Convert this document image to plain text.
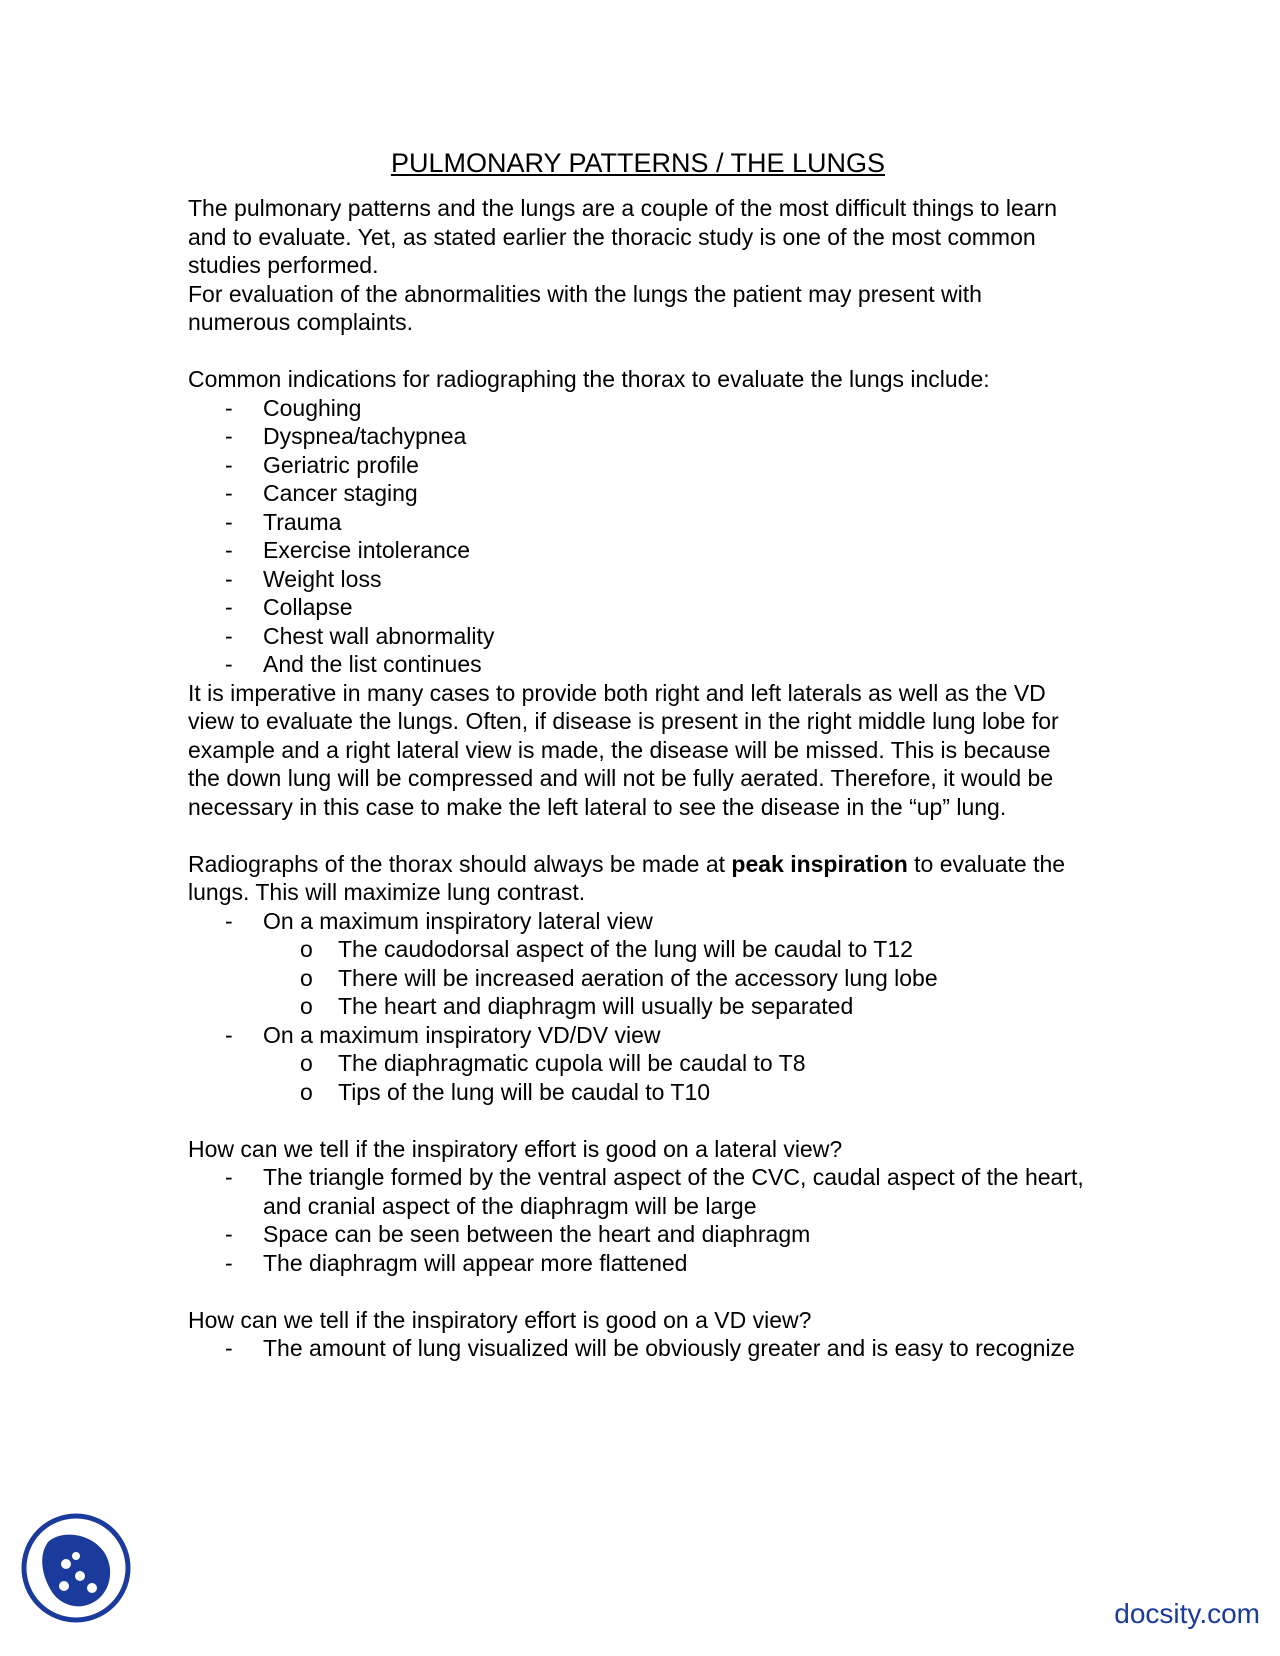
PULMONARY PATTERNS / THE LUNGS

The pulmonary patterns and the lungs are a couple of the most difficult things to learn and to evaluate. Yet, as stated earlier the thoracic study is one of the most common studies performed.

For evaluation of the abnormalities with the lungs the patient may present with numerous complaints.

Common indications for radiographing the thorax to evaluate the lungs include:

- Coughing
- Dyspnea/tachypnea
- Geriatric profile
- Cancer staging
- Trauma
- Exercise intolerance
- Weight loss
- Collapse
- Chest wall abnormality
- And the list continues

It is imperative in many cases to provide both right and left laterals as well as the VD view to evaluate the lungs. Often, if disease is present in the right middle lung lobe for example and a right lateral view is made, the disease will be missed. This is because the down lung will be compressed and will not be fully aerated. Therefore, it would be necessary in this case to make the left lateral to see the disease in the “up” lung.

Radiographs of the thorax should always be made at peak inspiration to evaluate the lungs. This will maximize lung contrast.

- On a maximum inspiratory lateral view
o The caudodorsal aspect of the lung will be caudal to T12
o There will be increased aeration of the accessory lung lobe
o The heart and diaphragm will usually be separated
- On a maximum inspiratory VD/DV view
o The diaphragmatic cupola will be caudal to T8
o Tips of the lung will be caudal to T10

How can we tell if the inspiratory effort is good on a lateral view?

- The triangle formed by the ventral aspect of the CVC, caudal aspect of the heart, and cranial aspect of the diaphragm will be large
- Space can be seen between the heart and diaphragm
- The diaphragm will appear more flattened

How can we tell if the inspiratory effort is good on a VD view?

- The amount of lung visualized will be obviously greater and is easy to recognize
docsity.com
